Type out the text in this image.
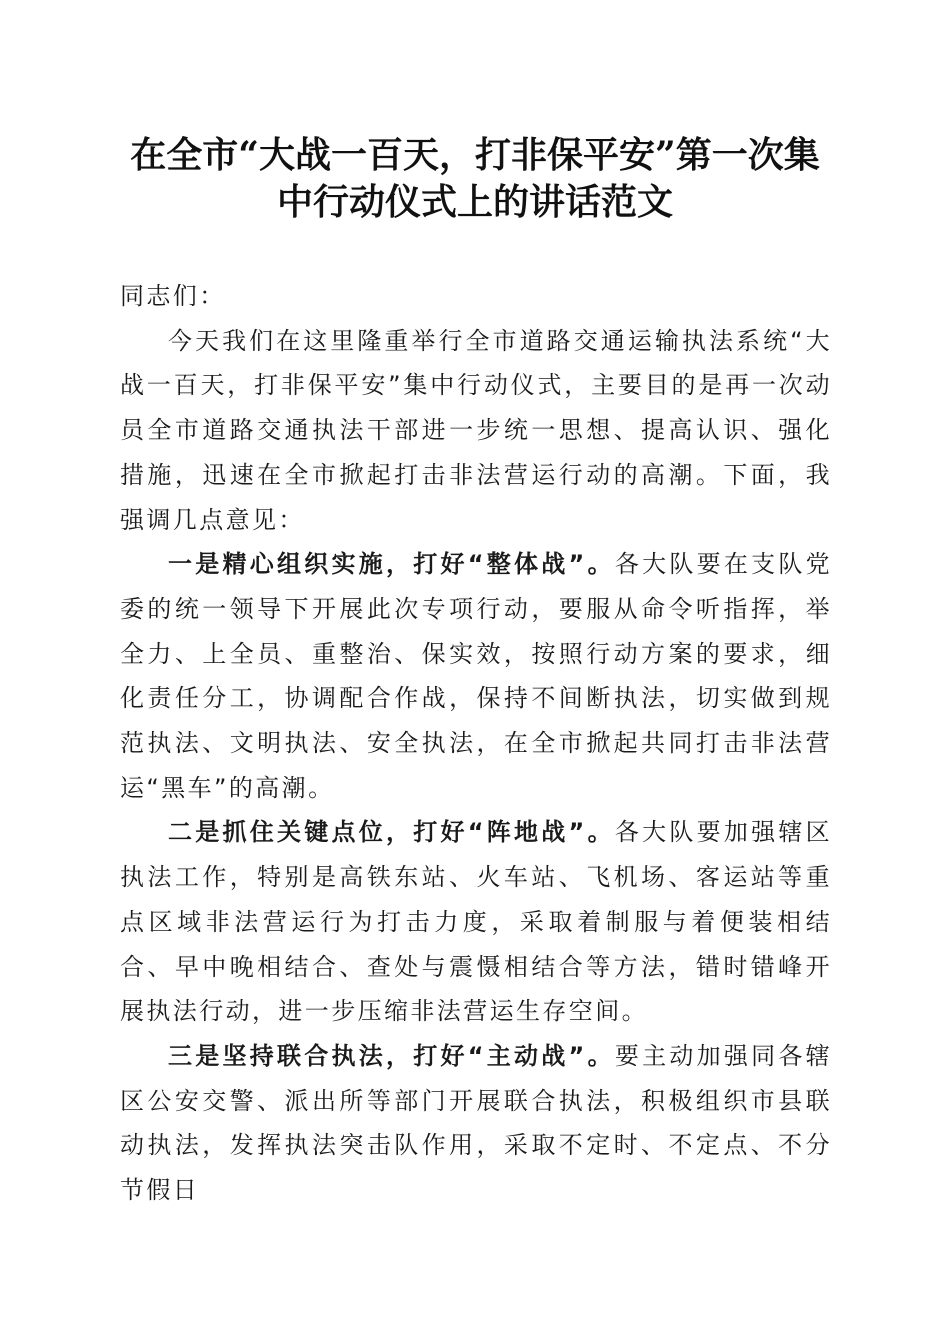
在全市“大战一百天，打非保平安”第一次集
中行动仪式上的讲话范文

同志们：

今天我们在这里隆重举行全市道路交通运输执法系统“大战一百天，打非保平安”集中行动仪式，主要目的是再一次动员全市道路交通执法干部进一步统一思想、提高认识、强化措施，迅速在全市掀起打击非法营运行动的高潮。下面，我强调几点意见：

一是精心组织实施，打好“整体战”。各大队要在支队党委的统一领导下开展此次专项行动，要服从命令听指挥，举全力、上全员、重整治、保实效，按照行动方案的要求，细化责任分工，协调配合作战，保持不间断执法，切实做到规范执法、文明执法、安全执法，在全市掀起共同打击非法营运“黑车”的高潮。

二是抓住关键点位，打好“阵地战”。各大队要加强辖区执法工作，特别是高铁东站、火车站、飞机场、客运站等重点区域非法营运行为打击力度，采取着制服与着便装相结合、早中晚相结合、查处与震慑相结合等方法，错时错峰开展执法行动，进一步压缩非法营运生存空间。

三是坚持联合执法，打好“主动战”。要主动加强同各辖区公安交警、派出所等部门开展联合执法，积极组织市县联动执法，发挥执法突击队作用，采取不定时、不定点、不分节假日
